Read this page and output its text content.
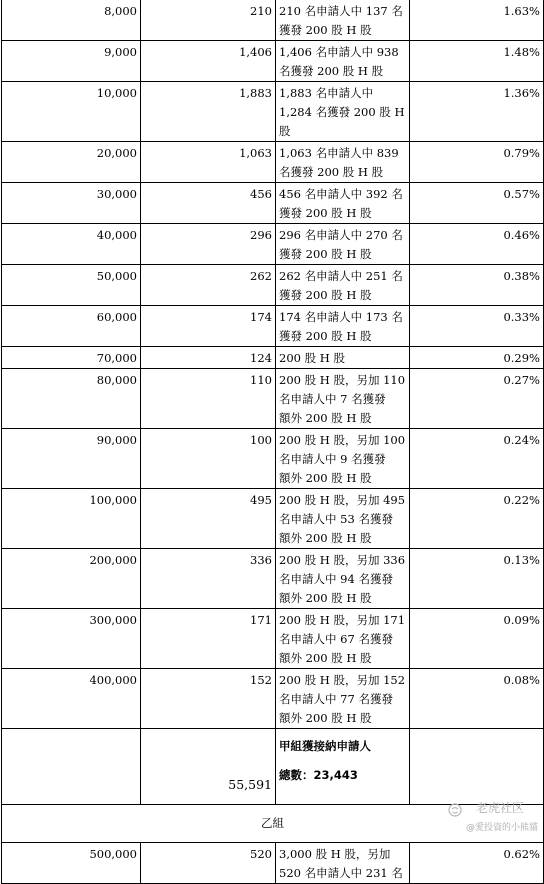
8,000	210	210 名申請人中 137 名
獲發 200 股 H 股	1.63%
9,000	1,406	1,406 名申請人中 938
名獲發 200 股 H 股	1.48%
10,000	1,883	1,883 名申請人中
1,284 名獲發 200 股 H
股	1.36%
20,000	1,063	1,063 名申請人中 839
名獲發 200 股 H 股	0.79%
30,000	456	456 名申請人中 392 名
獲發 200 股 H 股	0.57%
40,000	296	296 名申請人中 270 名
獲發 200 股 H 股	0.46%
50,000	262	262 名申請人中 251 名
獲發 200 股 H 股	0.38%
60,000	174	174 名申請人中 173 名
獲發 200 股 H 股	0.33%
70,000	124	200 股 H 股	0.29%
80,000	110	200 股 H 股，另加 110
名申請人中 7 名獲發
額外 200 股 H 股	0.27%
90,000	100	200 股 H 股，另加 100
名申請人中 9 名獲發
額外 200 股 H 股	0.24%
100,000	495	200 股 H 股，另加 495
名申請人中 53 名獲發
額外 200 股 H 股	0.22%
200,000	336	200 股 H 股，另加 336
名申請人中 94 名獲發
額外 200 股 H 股	0.13%
300,000	171	200 股 H 股，另加 171
名申請人中 67 名獲發
額外 200 股 H 股	0.09%
400,000	152	200 股 H 股，另加 152
名申請人中 77 名獲發
額外 200 股 H 股	0.08%
	55,591	甲組獲接納申請人
總數：23,443	

乙組			
500,000	520	3,000 股 H 股，另加
520 名申請人中 231 名	0.62%
老虎社区
@愛投資的小熊貓
